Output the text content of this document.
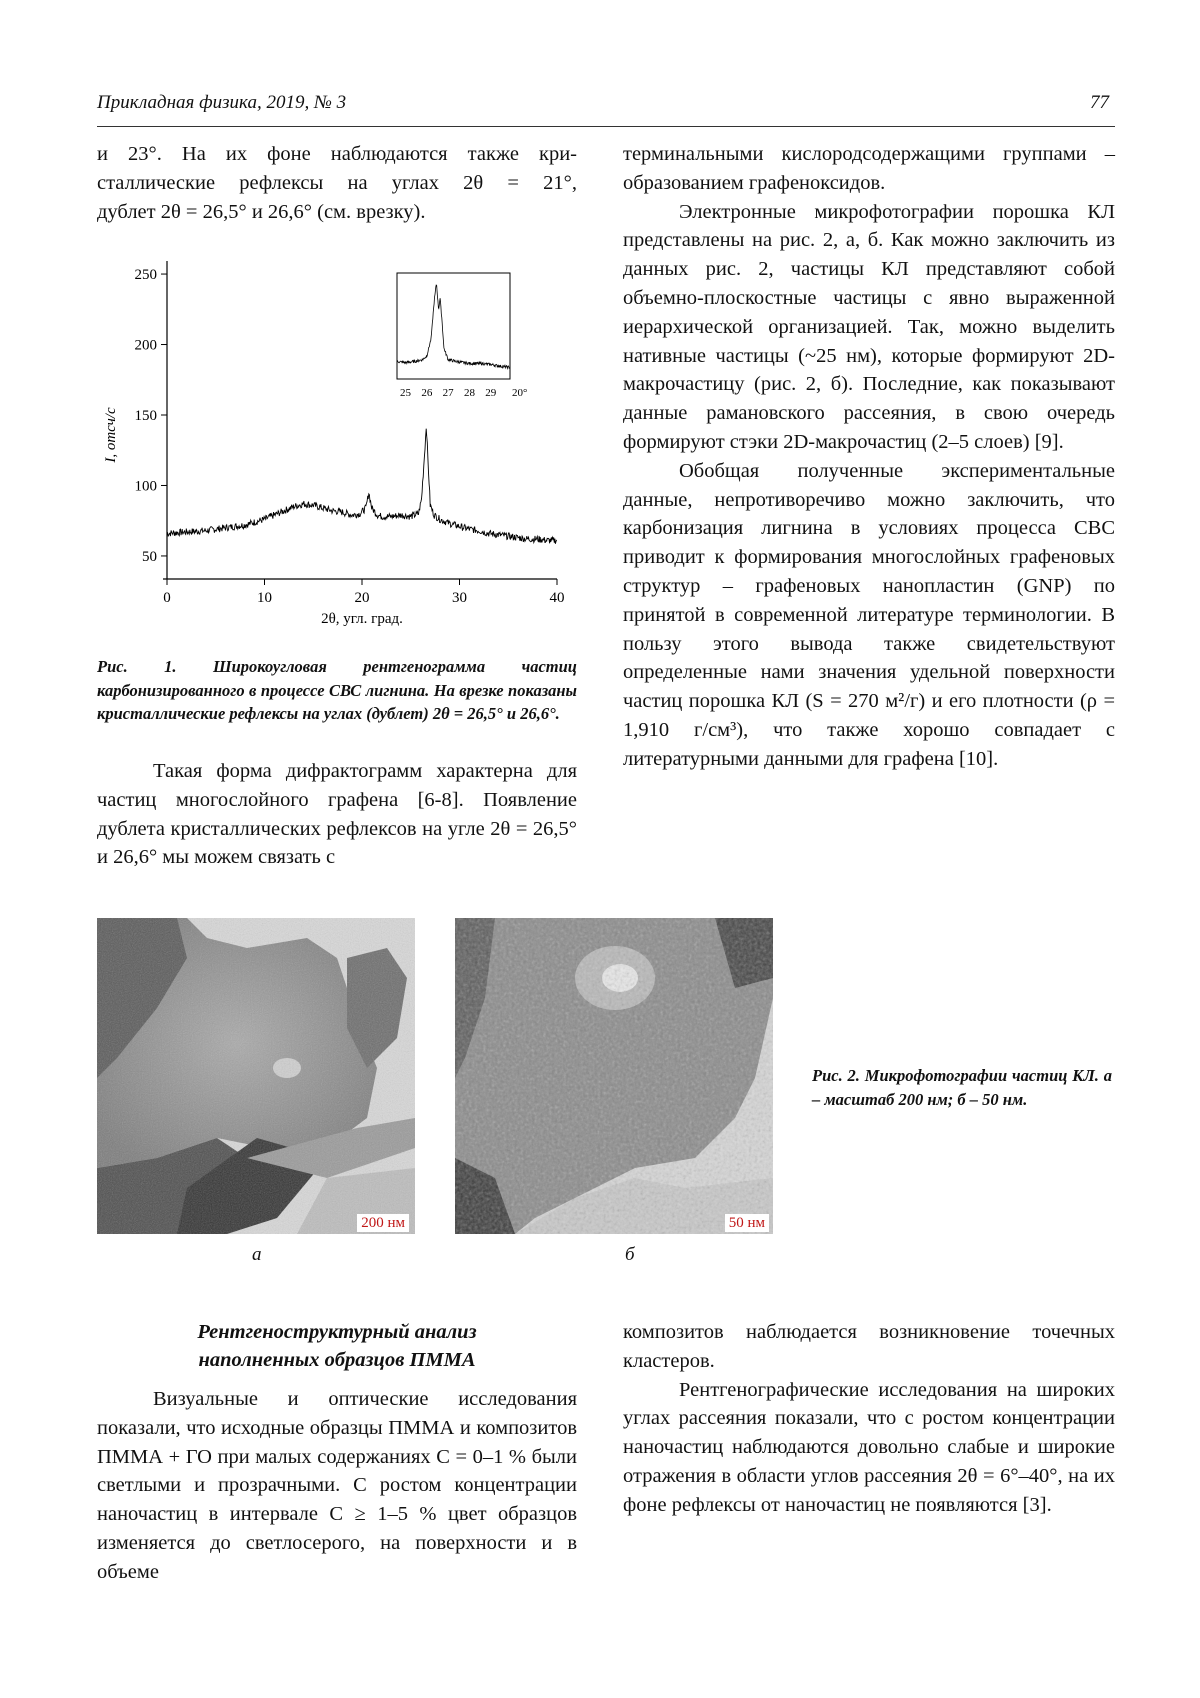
Прикладная физика, 2019, № 3	77

и 23°. На их фоне наблюдаются также кри-

сталлические рефлексы на углах 2θ = 21°,

дублет 2θ = 26,5° и 26,6° (см. врезку).

50
100
150
200
250
0	10	20	30	40
25 26 27 28 29 20°
2θ, угл. град.
I, отсч/с
Рис. 1. Широкоугловая рентгенограмма частиц карбонизированного в процессе СВС лигнина. На врезке показаны кристаллические рефлексы на углах (дублет) 2θ = 26,5° и 26,6°.

Такая форма дифрактограмм характерна для частиц многослойного графена [6-8]. Появление дублета кристаллических рефлексов на угле 2θ = 26,5° и 26,6° мы можем связать с

терминальными кислородсодержащими группами – образованием графеноксидов.

Электронные микрофотографии порошка КЛ представлены на рис. 2, а, б. Как можно заключить из данных рис. 2, частицы КЛ представляют собой объемно-плоскостные частицы с явно выраженной иерархической организацией. Так, можно выделить нативные частицы (~25 нм), которые формируют 2D-макрочастицу (рис. 2, б). Последние, как показывают данные рамановского рассеяния, в свою очередь формируют стэки 2D-макрочастиц (2–5 слоев) [9].

Обобщая полученные экспериментальные данные, непротиворечиво можно заключить, что карбонизация лигнина в условиях процесса СВС приводит к формирования многослойных графеновых структур – графеновых нанопластин (GNP) по принятой в современной литературе терминологии. В пользу этого вывода также свидетельствуют определенные нами значения удельной поверхности частиц порошка КЛ (S = 270 м²/г) и его плотности (ρ = 1,910 г/см³), что также хорошо совпадает с литературными данными для графена [10].

200 нм
а
50 нм
б
Рис. 2. Микрофотографии частиц КЛ. а – масштаб 200 нм; б – 50 нм.
Рентгеноструктурный анализ
наполненных образцов ПММА

Визуальные и оптические исследования показали, что исходные образцы ПММА и композитов ПММА + ГО при малых содержаниях С = 0–1 % были светлыми и прозрачными. С ростом концентрации наночастиц в интервале С ≥ 1–5 % цвет образцов изменяется до светлосерого, на поверхности и в объеме

композитов наблюдается возникновение точечных кластеров.

Рентгенографические исследования на широких углах рассеяния показали, что с ростом концентрации наночастиц наблюдаются довольно слабые и широкие отражения в области углов рассеяния 2θ = 6°–40°, на их фоне рефлексы от наночастиц не появляются [3].
